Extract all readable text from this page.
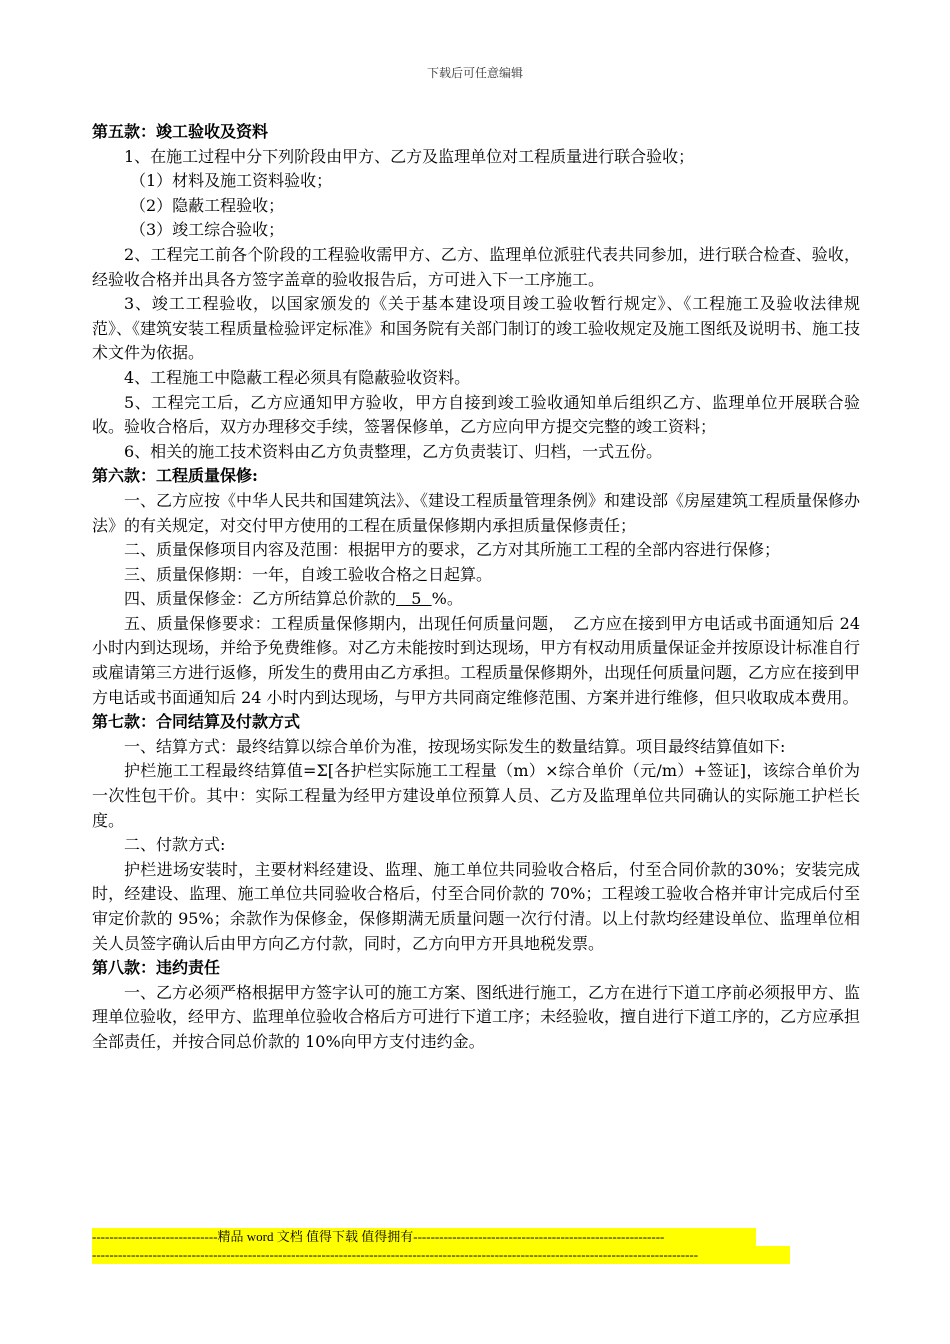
下载后可任意编辑
第五款：竣工验收及资料

1、在施工过程中分下列阶段由甲方、乙方及监理单位对工程质量进行联合验收；

（1）材料及施工资料验收；

（2）隐蔽工程验收；

（3）竣工综合验收；

2、工程完工前各个阶段的工程验收需甲方、乙方、监理单位派驻代表共同参加，进行联合检查、验收，经验收合格并出具各方签字盖章的验收报告后，方可进入下一工序施工。

3、竣工工程验收，以国家颁发的《关于基本建设项目竣工验收暂行规定》、《工程施工及验收法律规范》、《建筑安装工程质量检验评定标准》和国务院有关部门制订的竣工验收规定及施工图纸及说明书、施工技术文件为依据。

4、工程施工中隐蔽工程必须具有隐蔽验收资料。

5、工程完工后，乙方应通知甲方验收，甲方自接到竣工验收通知单后组织乙方、监理单位开展联合验收。验收合格后，双方办理移交手续，签署保修单，乙方应向甲方提交完整的竣工资料；

6、相关的施工技术资料由乙方负责整理，乙方负责装订、归档，一式五份。

第六款：工程质量保修:

一、乙方应按《中华人民共和国建筑法》、《建设工程质量管理条例》和建设部《房屋建筑工程质量保修办法》的有关规定，对交付甲方使用的工程在质量保修期内承担质量保修责任；

二、质量保修项目内容及范围：根据甲方的要求，乙方对其所施工工程的全部内容进行保修；

三、质量保修期：一年，自竣工验收合格之日起算。

四、质量保修金：乙方所结算总价款的   5  %。

五、质量保修要求：工程质量保修期内，出现任何质量问题，　乙方应在接到甲方电话或书面通知后 24 小时内到达现场，并给予免费维修。对乙方未能按时到达现场，甲方有权动用质量保证金并按原设计标准自行或雇请第三方进行返修，所发生的费用由乙方承担。工程质量保修期外，出现任何质量问题，乙方应在接到甲方电话或书面通知后 24 小时内到达现场，与甲方共同商定维修范围、方案并进行维修，但只收取成本费用。

第七款：合同结算及付款方式

一、结算方式：最终结算以综合单价为准，按现场实际发生的数量结算。项目最终结算值如下:

护栏施工工程最终结算值=Σ[各护栏实际施工工程量（m）×综合单价（元/m）+签证]，该综合单价为一次性包干价。其中：实际工程量为经甲方建设单位预算人员、乙方及监理单位共同确认的实际施工护栏长度。

二、付款方式:

护栏进场安装时，主要材料经建设、监理、施工单位共同验收合格后，付至合同价款的30%；安装完成时，经建设、监理、施工单位共同验收合格后，付至合同价款的 70%；工程竣工验收合格并审计完成后付至审定价款的 95%；余款作为保修金，保修期满无质量问题一次行付清。以上付款均经建设单位、监理单位相关人员签字确认后由甲方向乙方付款，同时，乙方向甲方开具地税发票。

第八款：违约责任

一、乙方必须严格根据甲方签字认可的施工方案、图纸进行施工，乙方在进行下道工序前必须报甲方、监理单位验收，经甲方、监理单位验收合格后方可进行下道工序；未经验收，擅自进行下道工序的，乙方应承担全部责任，并按合同总价款的 10%向甲方支付违约金。

-----------------------------精品 word 文档 值得下载 值得拥有----------------------------------------------------------
--------------------------------------------------------------------------------------------------------------------------------------------
